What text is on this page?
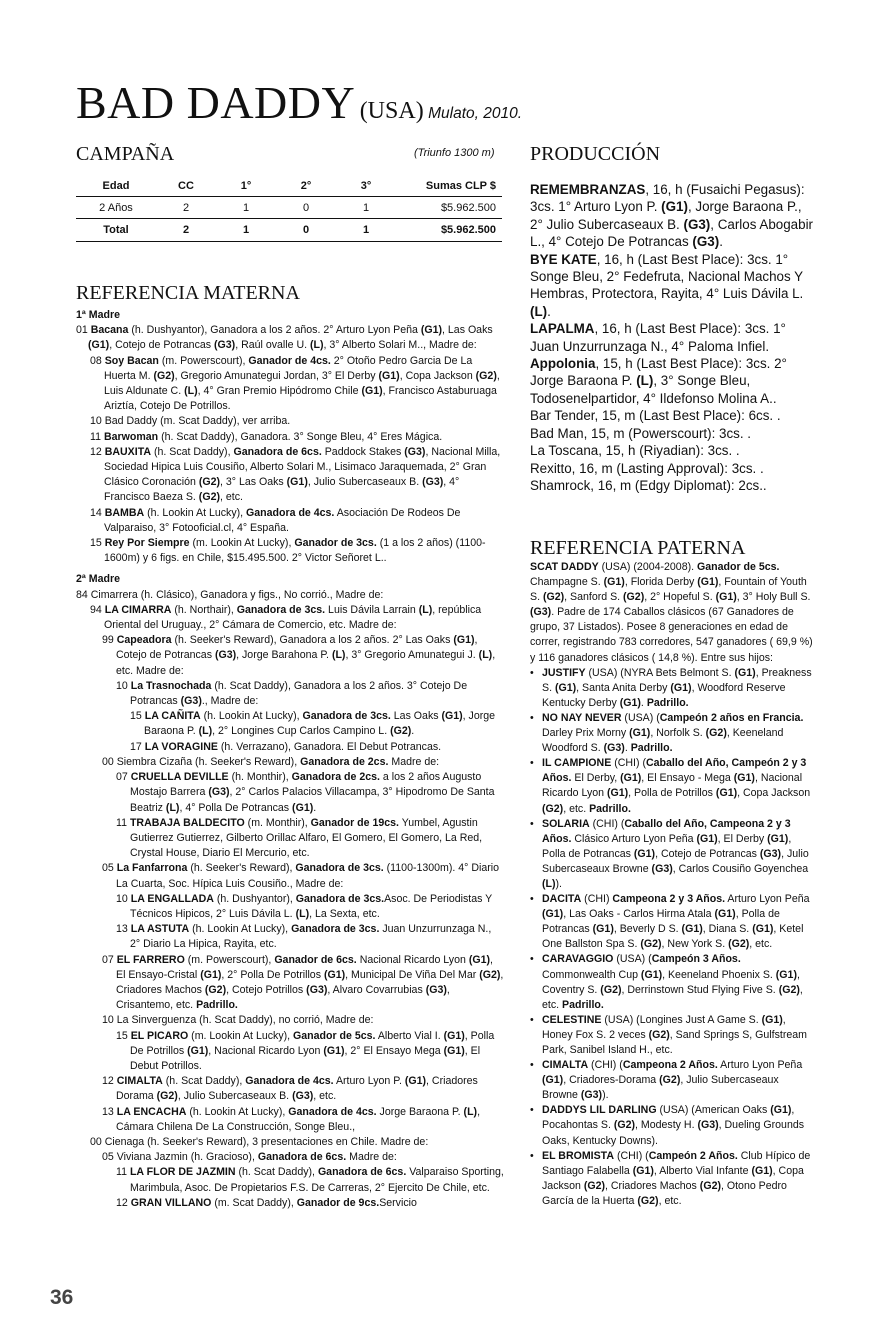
BAD DADDY (USA) Mulato, 2010.
CAMPAÑA	(Triunfo 1300 m)
Edad	CC	1°	2°	3°	Sumas CLP $
2 Años	2	1	0	1	$5.962.500
Total	2	1	0	1	$5.962.500
REFERENCIA MATERNA

1ª Madre

01 Bacana (h. Dushyantor), Ganadora a los 2 años. 2° Arturo Lyon Peña (G1), Las Oaks (G1), Cotejo de Potrancas (G3), Raúl ovalle U. (L), 3° Alberto Solari M.., Madre de:

08 Soy Bacan (m. Powerscourt), Ganador de 4cs. 2° Otoño Pedro Garcia De La Huerta M. (G2), Gregorio Amunategui Jordan, 3° El Derby (G1), Copa Jackson (G2), Luis Aldunate C. (L), 4° Gran Premio Hipódromo Chile (G1), Francisco Astaburuaga Ariztía, Cotejo De Potrillos.

10 Bad Daddy (m. Scat Daddy), ver arriba.

11 Barwoman (h. Scat Daddy), Ganadora. 3° Songe Bleu, 4° Eres Mágica.

12 BAUXITA (h. Scat Daddy), Ganadora de 6cs. Paddock Stakes (G3), Nacional Milla, Sociedad Hipica Luis Cousiño, Alberto Solari M., Lisimaco Jaraquemada, 2° Gran Clásico Coronación (G2), 3° Las Oaks (G1), Julio Subercaseaux B. (G3), 4° Francisco Baeza S. (G2), etc.

14 BAMBA (h. Lookin At Lucky), Ganadora de 4cs. Asociación De Rodeos De Valparaiso, 3° Fotooficial.cl, 4° España.

15 Rey Por Siempre (m. Lookin At Lucky), Ganador de 3cs. (1 a los 2 años) (1100-1600m) y 6 figs. en Chile, $15.495.500. 2° Victor Señoret L..

2ª Madre

84 Cimarrera (h. Clásico), Ganadora y figs., No corrió., Madre de:

94 LA CIMARRA (h. Northair), Ganadora de 3cs. Luis Dávila Larrain (L), república Oriental del Uruguay., 2° Cámara de Comercio, etc. Madre de:

99 Capeadora (h. Seeker's Reward), Ganadora a los 2 años. 2° Las Oaks (G1), Cotejo de Potrancas (G3), Jorge Barahona P. (L), 3° Gregorio Amunategui J. (L), etc. Madre de:

10 La Trasnochada (h. Scat Daddy), Ganadora a los 2 años. 3° Cotejo De Potrancas (G3)., Madre de:

15 LA CAÑITA (h. Lookin At Lucky), Ganadora de 3cs. Las Oaks (G1), Jorge Baraona P. (L), 2° Longines Cup Carlos Campino L. (G2).

17 LA VORAGINE (h. Verrazano), Ganadora. El Debut Potrancas.

00 Siembra Cizaña (h. Seeker's Reward), Ganadora de 2cs. Madre de:

07 CRUELLA DEVILLE (h. Monthir), Ganadora de 2cs. a los 2 años Augusto Mostajo Barrera (G3), 2° Carlos Palacios Villacampa, 3° Hipodromo De Santa Beatriz (L), 4° Polla De Potrancas (G1).

11 TRABAJA BALDECITO (m. Monthir), Ganador de 19cs. Yumbel, Agustin Gutierrez Gutierrez, Gilberto Orillac Alfaro, El Gomero, El Gomero, La Red, Crystal House, Diario El Mercurio, etc.

05 La Fanfarrona (h. Seeker's Reward), Ganadora de 3cs. (1100-1300m). 4° Diario La Cuarta, Soc. Hípica Luis Cousiño., Madre de:

10 LA ENGALLADA (h. Dushyantor), Ganadora de 3cs.Asoc. De Periodistas Y Técnicos Hipicos, 2° Luis Dávila L. (L), La Sexta, etc.

13 LA ASTUTA (h. Lookin At Lucky), Ganadora de 3cs. Juan Unzurrunzaga N., 2° Diario La Hipica, Rayita, etc.

07 EL FARRERO (m. Powerscourt), Ganador de 6cs. Nacional Ricardo Lyon (G1), El Ensayo-Cristal (G1), 2° Polla De Potrillos (G1), Municipal De Viña Del Mar (G2), Criadores Machos (G2), Cotejo Potrillos (G3), Alvaro Covarrubias (G3), Crisantemo, etc. Padrillo.

10 La Sinverguenza (h. Scat Daddy), no corrió, Madre de:

15 EL PICARO (m. Lookin At Lucky), Ganador de 5cs. Alberto Vial I. (G1), Polla De Potrillos (G1), Nacional Ricardo Lyon (G1), 2° El Ensayo Mega (G1), El Debut Potrillos.

12 CIMALTA (h. Scat Daddy), Ganadora de 4cs. Arturo Lyon P. (G1), Criadores Dorama (G2), Julio Subercaseaux B. (G3), etc.

13 LA ENCACHA (h. Lookin At Lucky), Ganadora de 4cs. Jorge Baraona P. (L), Cámara Chilena De La Construcción, Songe Bleu.,

00 Cienaga (h. Seeker's Reward), 3 presentaciones en Chile. Madre de:

05 Viviana Jazmin (h. Gracioso), Ganadora de 6cs. Madre de:

11 LA FLOR DE JAZMIN (h. Scat Daddy), Ganadora de 6cs. Valparaiso Sporting, Marimbula, Asoc. De Propietarios F.S. De Carreras, 2° Ejercito De Chile, etc.

12 GRAN VILLANO (m. Scat Daddy), Ganador de 9cs.Servicio

PRODUCCIÓN

REMEMBRANZAS, 16, h (Fusaichi Pegasus): 3cs. 1° Arturo Lyon P. (G1), Jorge Baraona P., 2° Julio Subercaseaux B. (G3), Carlos Abogabir L., 4° Cotejo De Potrancas (G3).

BYE KATE, 16, h (Last Best Place): 3cs. 1° Songe Bleu, 2° Fedefruta, Nacional Machos Y Hembras, Protectora, Rayita, 4° Luis Dávila L. (L).

LAPALMA, 16, h (Last Best Place): 3cs. 1° Juan Unzurrunzaga N., 4° Paloma Infiel.

Appolonia, 15, h (Last Best Place): 3cs. 2° Jorge Baraona P. (L), 3° Songe Bleu, Todosenelpartidor, 4° Ildefonso Molina A..

Bar Tender, 15, m (Last Best Place): 6cs. .

Bad Man, 15, m (Powerscourt): 3cs. .

La Toscana, 15, h (Riyadian): 3cs. .

Rexitto, 16, m (Lasting Approval): 3cs. .

Shamrock, 16, m (Edgy Diplomat): 2cs..

REFERENCIA PATERNA

SCAT DADDY (USA) (2004-2008). Ganador de 5cs. Champagne S. (G1), Florida Derby (G1), Fountain of Youth S. (G2), Sanford S. (G2), 2° Hopeful S. (G1), 3° Holy Bull S. (G3). Padre de 174 Caballos clásicos (67 Ganadores de grupo, 37 Listados). Posee 8 generaciones en edad de correr, registrando 783 corredores, 547 ganadores ( 69,9 %) y 116 ganadores clásicos ( 14,8 %). Entre sus hijos:

• JUSTIFY (USA) (NYRA Bets Belmont S. (G1), Preakness S. (G1), Santa Anita Derby (G1), Woodford Reserve Kentucky Derby (G1). Padrillo.
• NO NAY NEVER (USA) (Campeón 2 años en Francia. Darley Prix Morny (G1), Norfolk S. (G2), Keeneland Woodford S. (G3). Padrillo.
• IL CAMPIONE (CHI) (Caballo del Año, Campeón 2 y 3 Años. El Derby, (G1), El Ensayo - Mega (G1), Nacional Ricardo Lyon (G1), Polla de Potrillos (G1), Copa Jackson (G2), etc. Padrillo.
• SOLARIA (CHI) (Caballo del Año, Campeona 2 y 3 Años. Clásico Arturo Lyon Peña (G1), El Derby (G1), Polla de Potrancas (G1), Cotejo de Potrancas (G3), Julio Subercaseaux Browne (G3), Carlos Cousiño Goyenchea (L)).
• DACITA (CHI) Campeona 2 y 3 Años. Arturo Lyon Peña (G1), Las Oaks - Carlos Hirma Atala (G1), Polla de Potrancas (G1), Beverly D S. (G1), Diana S. (G1), Ketel One Ballston Spa S. (G2), New York S. (G2), etc.
• CARAVAGGIO (USA) (Campeón 3 Años. Commonwealth Cup (G1), Keeneland Phoenix S. (G1), Coventry S. (G2), Derrinstown Stud Flying Five S. (G2), etc. Padrillo.
• CELESTINE (USA) (Longines Just A Game S. (G1), Honey Fox S. 2 veces (G2), Sand Springs S, Gulfstream Park, Sanibel Island H., etc.
• CIMALTA (CHI) (Campeona 2 Años. Arturo Lyon Peña (G1), Criadores-Dorama (G2), Julio Subercaseaux Browne (G3)).
• DADDYS LIL DARLING (USA) (American Oaks (G1), Pocahontas S. (G2), Modesty H. (G3), Dueling Grounds Oaks, Kentucky Downs).
• EL BROMISTA (CHI) (Campeón 2 Años. Club Hípico de Santiago Falabella (G1), Alberto Vial Infante (G1), Copa Jackson (G2), Criadores Machos (G2), Otono Pedro García de la Huerta (G2), etc.
36
